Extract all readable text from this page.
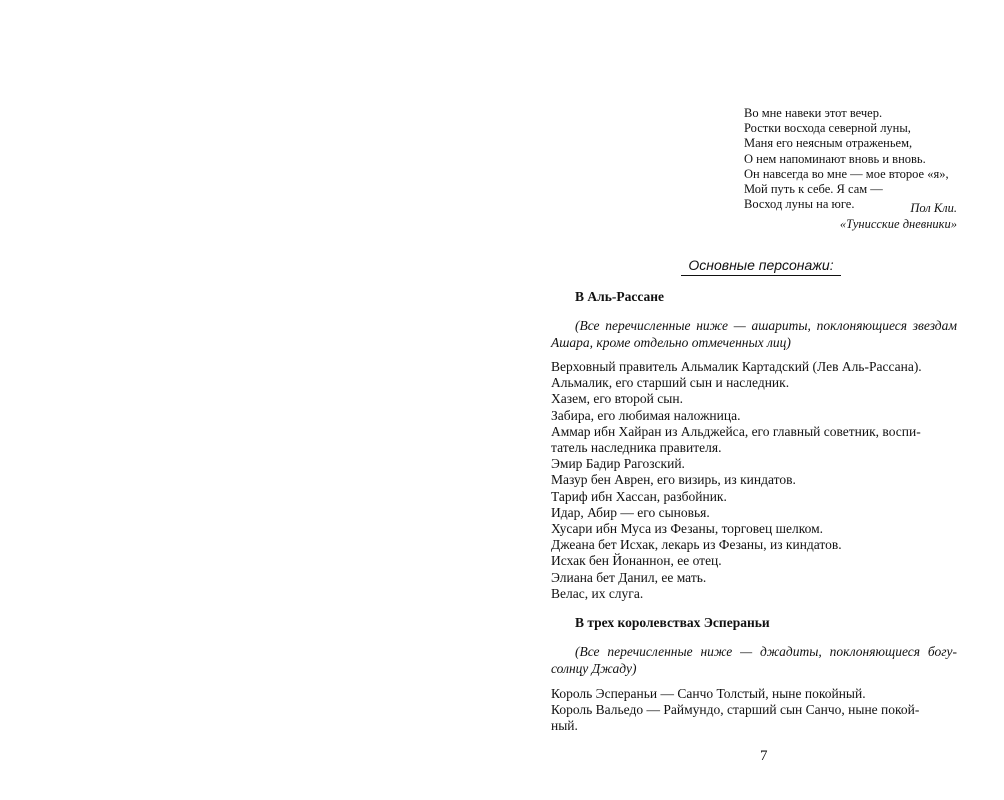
Во мне навеки этот вечер.
Ростки восхода северной луны,
Маня его неясным отраженьем,
О нем напоминают вновь и вновь.
Он навсегда во мне — мое второе «я»,
Мой путь к себе. Я сам —
Восход луны на юге.	Пол Кли.
«Тунисские дневники»
Основные персонажи:
В Аль-Рассане
(Все перечисленные ниже — ашариты, поклоняющиеся звездам Ашара, кроме отдельно отмеченных лиц)
Верховный правитель Альмалик Картадский (Лев Аль-Рассана).
Альмалик, его старший сын и наследник.
Хазем, его второй сын.
Забира, его любимая наложница.
Аммар ибн Хайран из Альджейса, его главный советник, воспи-
татель наследника правителя.
Эмир Бадир Рагозский.
Мазур бен Аврен, его визирь, из киндатов.
Тариф ибн Хассан, разбойник.
Идар, Абир — его сыновья.
Хусари ибн Муса из Фезаны, торговец шелком.
Джеана бет Исхак, лекарь из Фезаны, из киндатов.
Исхак бен Йонаннон, ее отец.
Элиана бет Данил, ее мать.
Велас, их слуга.
В трех королевствах Эспераньи
(Все перечисленные ниже — джадиты, поклоняющиеся богу-солнцу Джаду)
Король Эспераньи — Санчо Толстый, ныне покойный.
Король Вальедо — Раймундо, старший сын Санчо, ныне покой-
ный.
7
